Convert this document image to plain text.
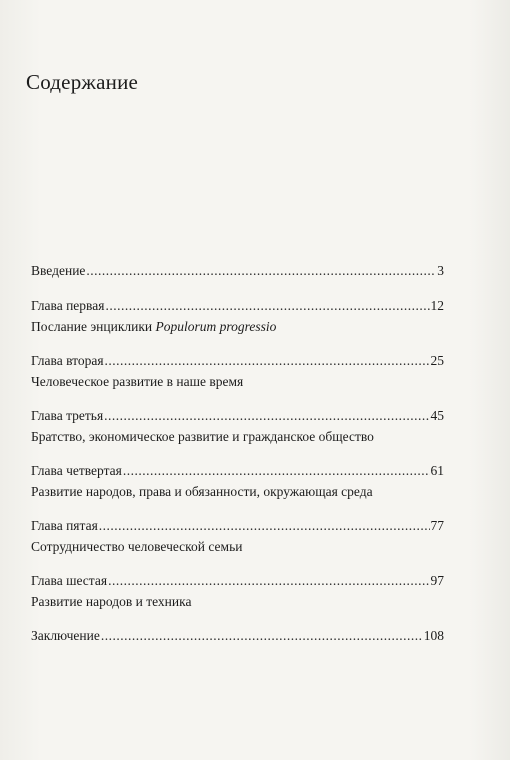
Содержание
Введение .....	3
Глава первая .....	12
Послание энциклики Populorum progressio
Глава вторая .....	25
Человеческое развитие в наше время
Глава третья .....	45
Братство, экономическое развитие и гражданское общество
Глава четвертая .....	61
Развитие народов, права и обязанности, окружающая среда
Глава пятая .....	77
Сотрудничество человеческой семьи
Глава шестая .....	97
Развитие народов и техника
Заключение .....	108
